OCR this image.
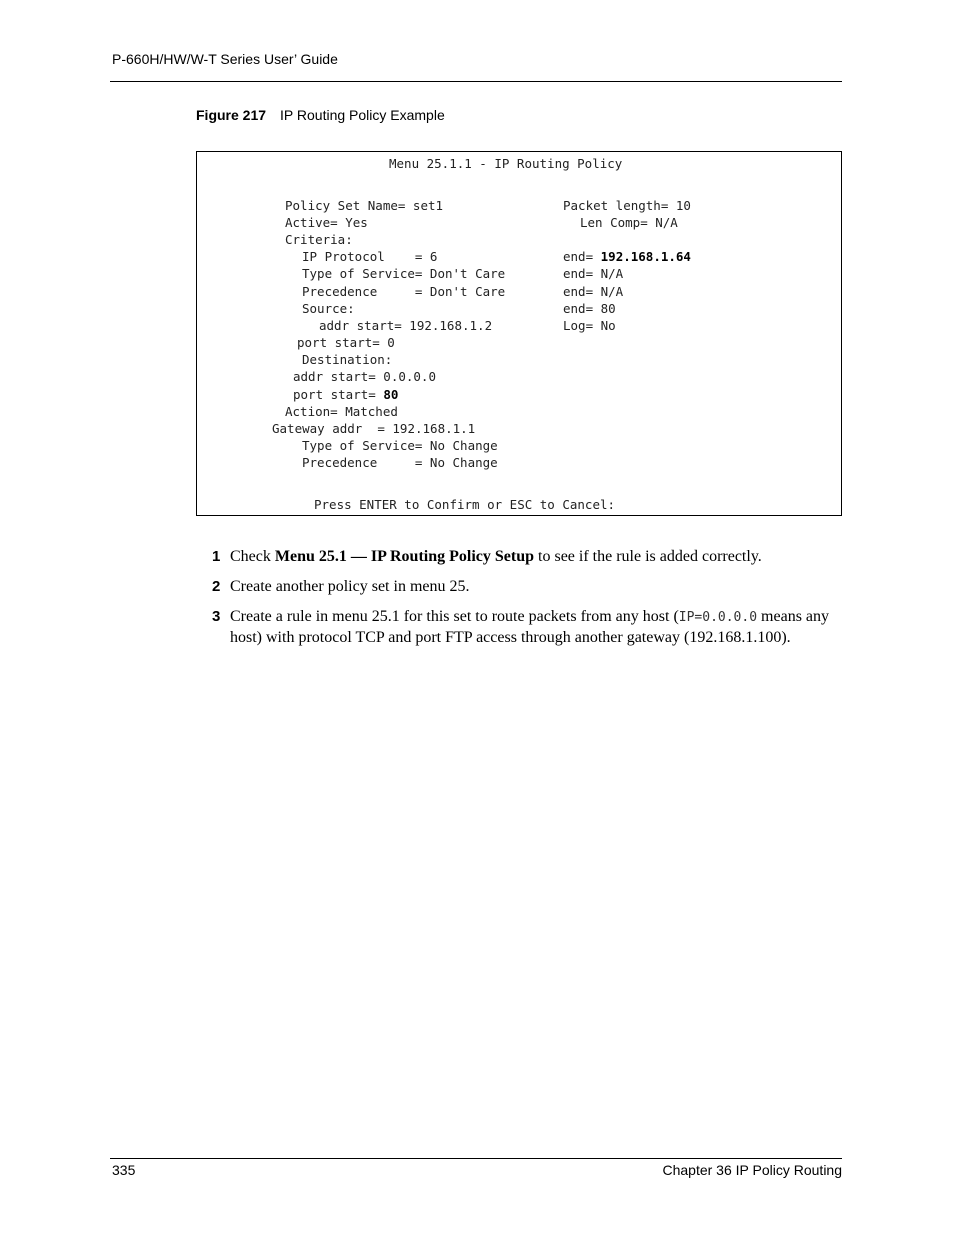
P-660H/HW/W-T Series User’ Guide
Figure 217 IP Routing Policy Example
Menu 25.1.1 - IP Routing Policy
Policy Set Name= set1	Packet length= 10
Active= Yes	Len Comp= N/A
Criteria:
IP Protocol    = 6	end= 192.168.1.64
Type of Service= Don't Care	end= N/A
Precedence     = Don't Care	end= N/A
Source:	end= 80
addr start= 192.168.1.2	Log= No
port start= 0
Destination:
addr start= 0.0.0.0
port start= 80
Action= Matched
Gateway addr  = 192.168.1.1
Type of Service= No Change
Precedence     = No Change
Press ENTER to Confirm or ESC to Cancel:
1 Check Menu 25.1 — IP Routing Policy Setup to see if the rule is added correctly.
2 Create another policy set in menu 25.
3 Create a rule in menu 25.1 for this set to route packets from any host (IP=0.0.0.0 means any host) with protocol TCP and port FTP access through another gateway (192.168.1.100).
335	Chapter 36 IP Policy Routing
